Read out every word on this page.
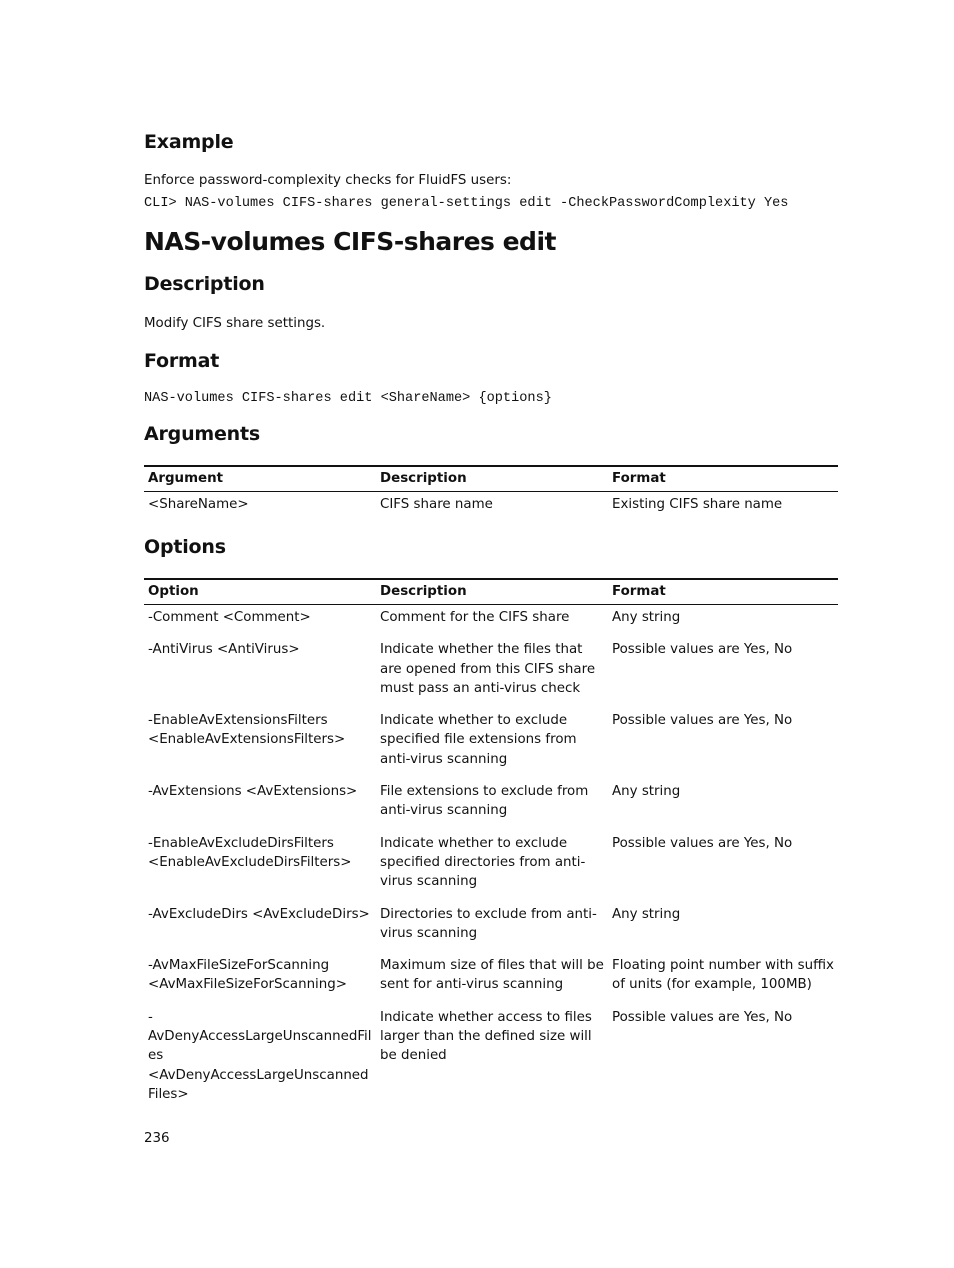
Example

Enforce password-complexity checks for FluidFS users:

CLI> NAS-volumes CIFS-shares general-settings edit -CheckPasswordComplexity Yes

NAS-volumes CIFS-shares edit
Description

Modify CIFS share settings.

Format

NAS-volumes CIFS-shares edit <ShareName> {options}

Arguments
Argument	Description	Format
<ShareName>	CIFS share name	Existing CIFS share name
Options
Option	Description	Format
-Comment <Comment>	Comment for the CIFS share	Any string
-AntiVirus <AntiVirus>	Indicate whether the files that are opened from this CIFS share must pass an anti-virus check	Possible values are Yes, No
-EnableAvExtensionsFilters <EnableAvExtensionsFilters>	Indicate whether to exclude specified file extensions from anti-virus scanning	Possible values are Yes, No
-AvExtensions <AvExtensions>	File extensions to exclude from anti-virus scanning	Any string
-EnableAvExcludeDirsFilters <EnableAvExcludeDirsFilters>	Indicate whether to exclude specified directories from anti-virus scanning	Possible values are Yes, No
-AvExcludeDirs <AvExcludeDirs>	Directories to exclude from anti-virus scanning	Any string
-AvMaxFileSizeForScanning <AvMaxFileSizeForScanning>	Maximum size of files that will be sent for anti-virus scanning	Floating point number with suffix of units (for example, 100MB)
-AvDenyAccessLargeUnscannedFiles <AvDenyAccessLargeUnscannedFiles>	Indicate whether access to files larger than the defined size will be denied	Possible values are Yes, No
236
